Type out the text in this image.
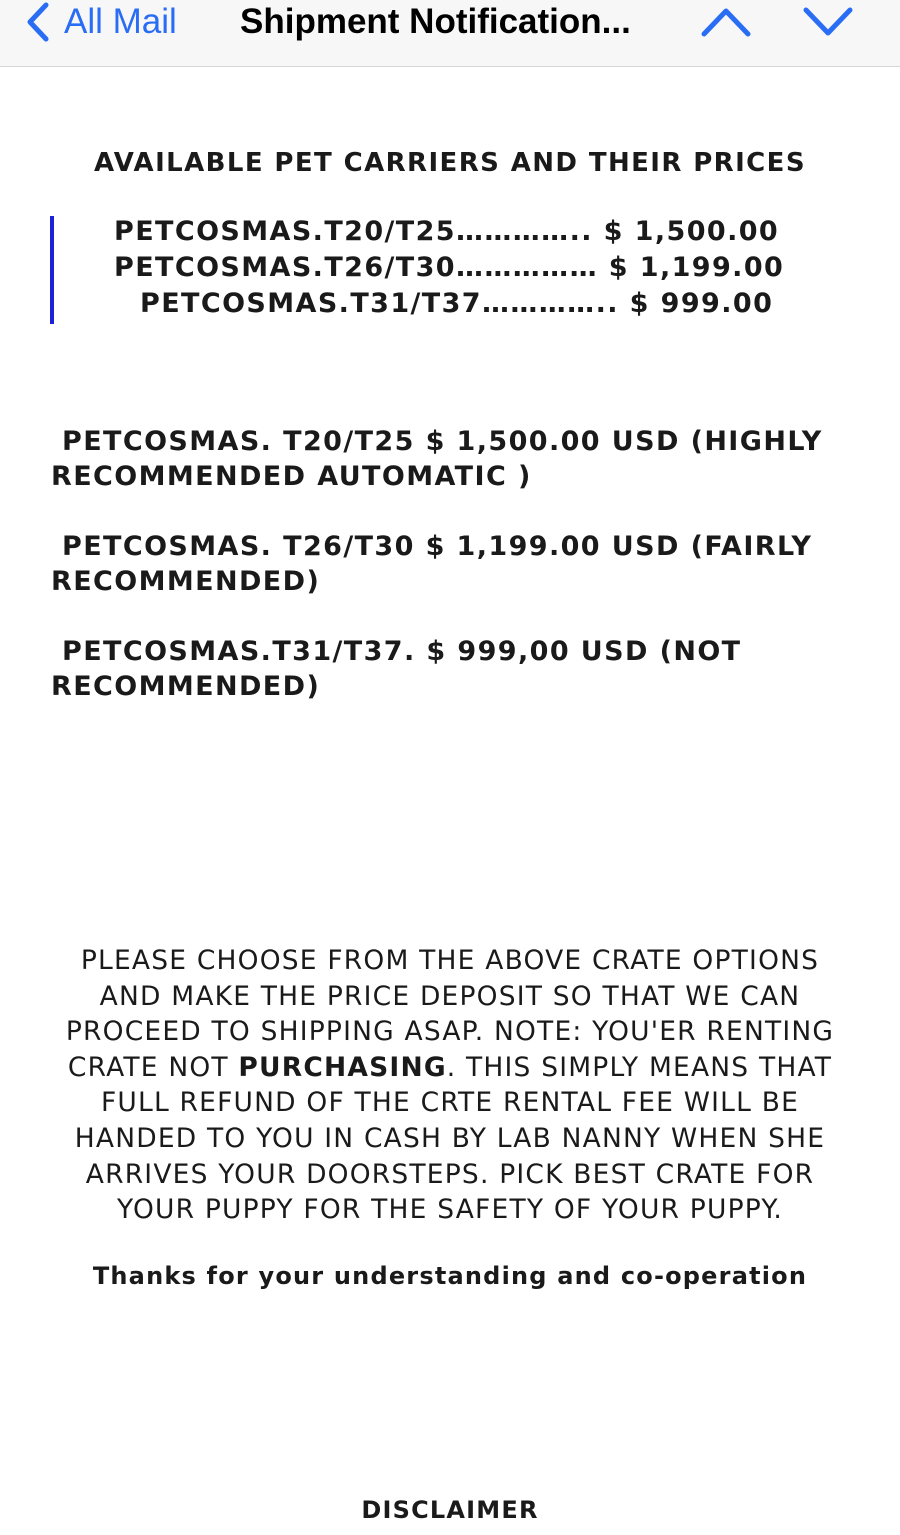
All Mail Shipment Notification...
AVAILABLE PET CARRIERS AND THEIR PRICES
PETCOSMAS.T20/T25………….. $ 1,500.00
PETCOSMAS.T26/T30…………… $ 1,199.00
PETCOSMAS.T31/T37………….. $ 999.00
PETCOSMAS. T20/T25 $ 1,500.00 USD (HIGHLY
RECOMMENDED AUTOMATIC )
PETCOSMAS. T26/T30 $ 1,199.00 USD (FAIRLY
RECOMMENDED)
PETCOSMAS.T31/T37. $ 999,00 USD (NOT
RECOMMENDED)
PLEASE CHOOSE FROM THE ABOVE CRATE OPTIONS AND MAKE THE PRICE DEPOSIT SO THAT WE CAN PROCEED TO SHIPPING ASAP. NOTE: YOU'ER RENTING CRATE NOT PURCHASING. THIS SIMPLY MEANS THAT FULL REFUND OF THE CRTE RENTAL FEE WILL BE HANDED TO YOU IN CASH BY LAB NANNY WHEN SHE ARRIVES YOUR DOORSTEPS. PICK BEST CRATE FOR YOUR PUPPY FOR THE SAFETY OF YOUR PUPPY.
Thanks for your understanding and co-operation
DISCLAIMER
